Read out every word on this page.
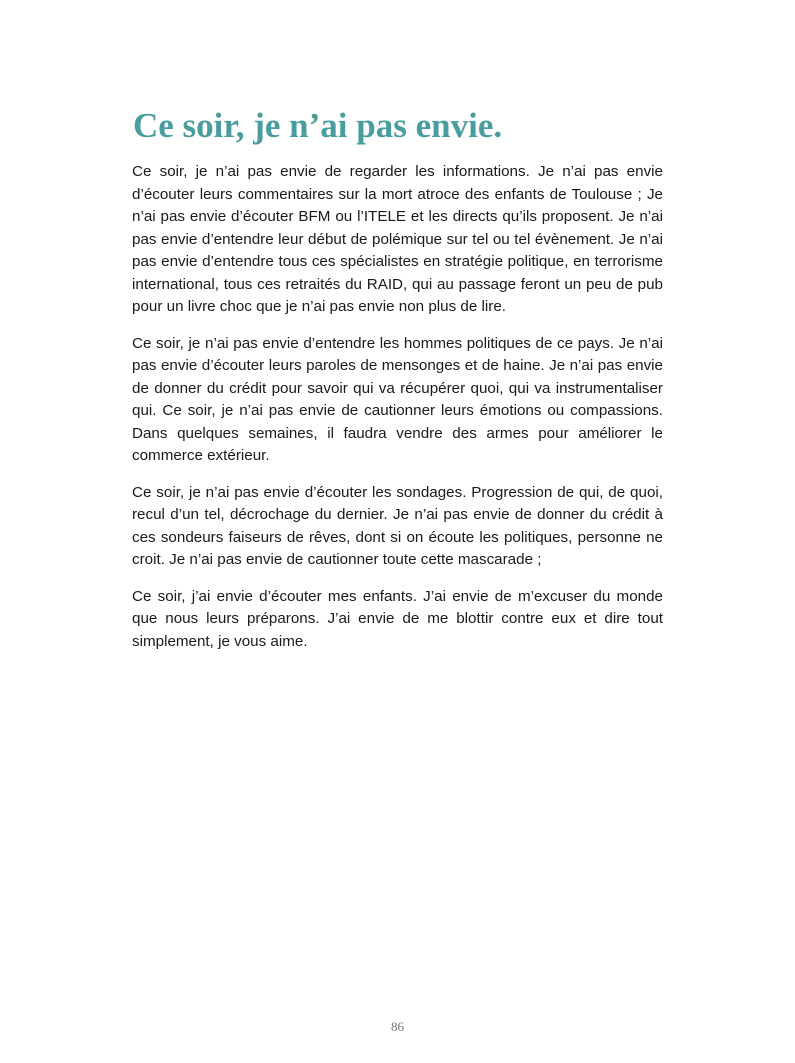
Ce soir, je n’ai pas envie.

Ce soir, je n’ai pas envie de regarder les informations. Je n’ai pas envie d’écouter leurs commentaires sur la mort atroce des enfants de Toulouse ; Je n’ai pas envie d’écouter BFM ou l’ITELE et les directs qu’ils proposent. Je n’ai pas envie d’entendre leur début de polémique sur tel ou tel évènement. Je n’ai pas envie d’entendre tous ces spécialistes en stratégie politique, en terrorisme international, tous ces retraités du RAID, qui au passage feront un peu de pub pour un livre choc que je n’ai pas envie non plus de lire.

Ce soir, je n’ai pas envie d’entendre les hommes politiques de ce pays. Je n’ai pas envie d’écouter leurs paroles de mensonges et de haine. Je n’ai pas envie de donner du crédit pour savoir qui va récupérer quoi, qui va instrumentaliser qui. Ce soir, je n’ai pas envie de cautionner leurs émotions ou compassions. Dans quelques semaines, il faudra vendre des armes pour améliorer le commerce extérieur.

Ce soir, je n’ai pas envie d’écouter les sondages. Progression de qui, de quoi, recul d’un tel, décrochage du dernier. Je n’ai pas envie de donner du crédit à ces sondeurs faiseurs de rêves, dont si on écoute les politiques, personne ne croit. Je n’ai pas envie de cautionner toute cette mascarade ;

Ce soir, j’ai envie d’écouter mes enfants. J’ai envie de m’excuser du monde que nous leurs préparons. J’ai envie de me blottir contre eux et dire tout simplement, je vous aime.

86
